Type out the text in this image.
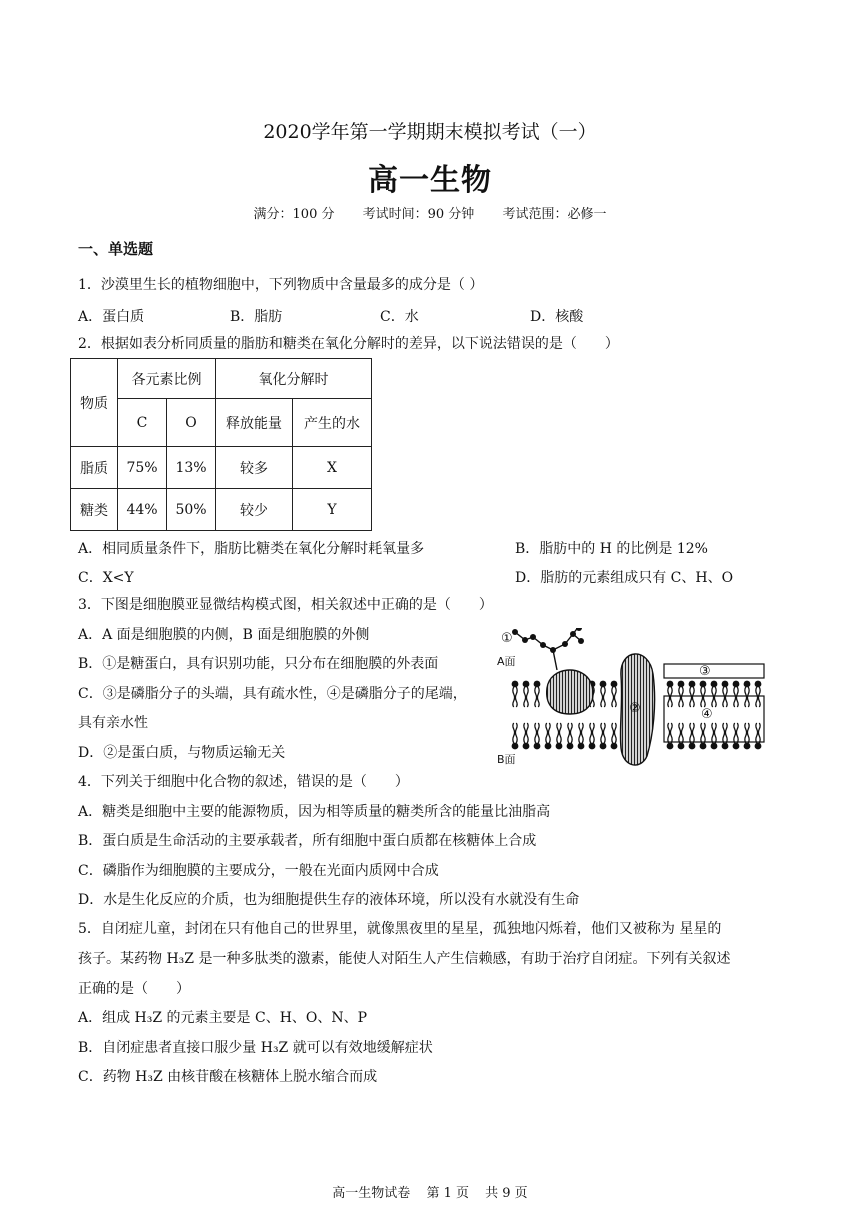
2020学年第一学期期末模拟考试（一）
高一生物
满分：100 分 考试时间：90 分钟 考试范围：必修一
一、单选题
1．沙漠里生长的植物细胞中，下列物质中含量最多的成分是（ ）
A．蛋白质	B．脂肪	C．水	D．核酸
2．根据如表分析同质量的脂肪和糖类在氧化分解时的差异，以下说法错误的是（　　）
物质	各元素比例		氧化分解时	
	C	O	释放能量	产生的水
脂质	75%	13%	较多	X
糖类	44%	50%	较少	Y
A．相同质量条件下，脂肪比糖类在氧化分解时耗氧量多	B．脂肪中的 H 的比例是 12%
C．X<Y	D．脂肪的元素组成只有 C、H、O
3．下图是细胞膜亚显微结构模式图，相关叙述中正确的是（　　）
A．A 面是细胞膜的内侧，B 面是细胞膜的外侧
B．①是糖蛋白，具有识别功能，只分布在细胞膜的外表面
C．③是磷脂分子的头端，具有疏水性，④是磷脂分子的尾端，
具有亲水性
D．②是蛋白质，与物质运输无关
A面
B面
①
②
③
④
4．下列关于细胞中化合物的叙述，错误的是（　　）
A．糖类是细胞中主要的能源物质，因为相等质量的糖类所含的能量比油脂高
B．蛋白质是生命活动的主要承载者，所有细胞中蛋白质都在核糖体上合成
C．磷脂作为细胞膜的主要成分，一般在光面内质网中合成
D．水是生化反应的介质，也为细胞提供生存的液体环境，所以没有水就没有生命
5．自闭症儿童，封闭在只有他自己的世界里，就像黑夜里的星星，孤独地闪烁着，他们又被称为 星星的
孩子。某药物 H₃Z 是一种多肽类的激素，能使人对陌生人产生信赖感，有助于治疗自闭症。下列有关叙述
正确的是（　　）
A．组成 H₃Z 的元素主要是 C、H、O、N、P
B．自闭症患者直接口服少量 H₃Z 就可以有效地缓解症状
C．药物 H₃Z 由核苷酸在核糖体上脱水缩合而成
高一生物试卷 第 1 页 共 9 页
